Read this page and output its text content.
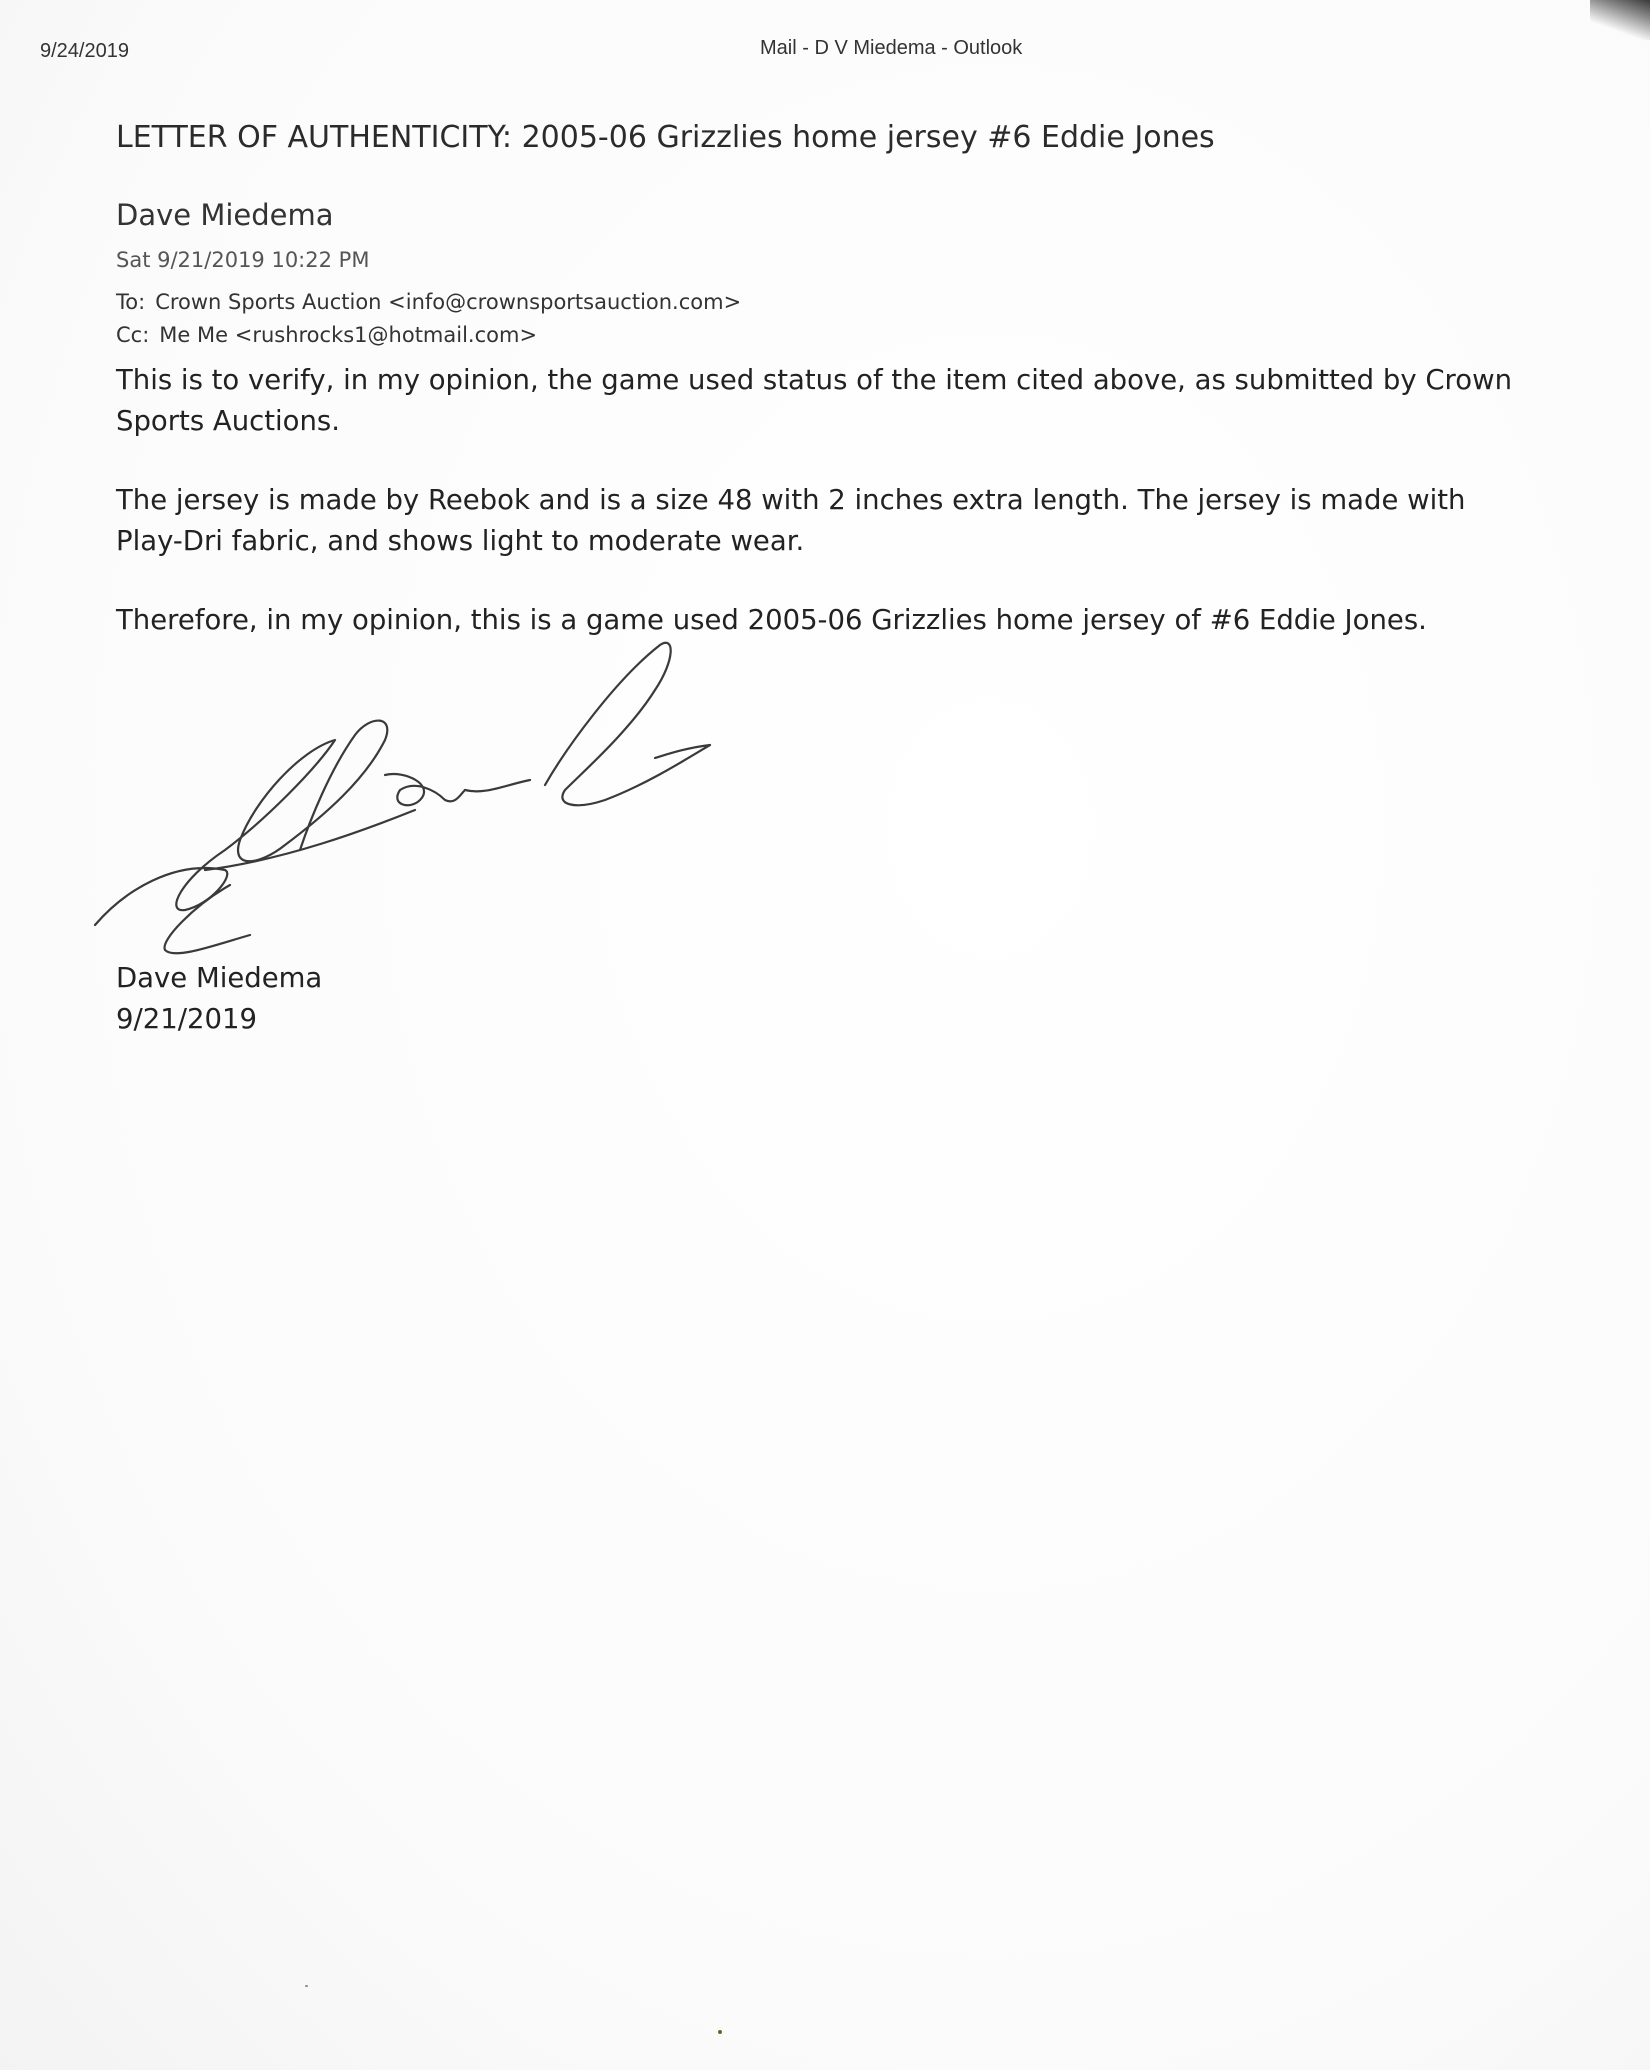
9/24/2019	Mail - D V Miedema - Outlook
LETTER OF AUTHENTICITY: 2005-06 Grizzlies home jersey #6 Eddie Jones
Dave Miedema
Sat 9/21/2019 10:22 PM
To: Crown Sports Auction <info@crownsportsauction.com>
Cc: Me Me <rushrocks1@hotmail.com>

This is to verify, in my opinion, the game used status of the item cited above, as submitted by Crown Sports Auctions.

The jersey is made by Reebok and is a size 48 with 2 inches extra length. The jersey is made with Play-Dri fabric, and shows light to moderate wear.

Therefore, in my opinion, this is a game used 2005-06 Grizzlies home jersey of #6 Eddie Jones.

Dave Miedema
9/21/2019
